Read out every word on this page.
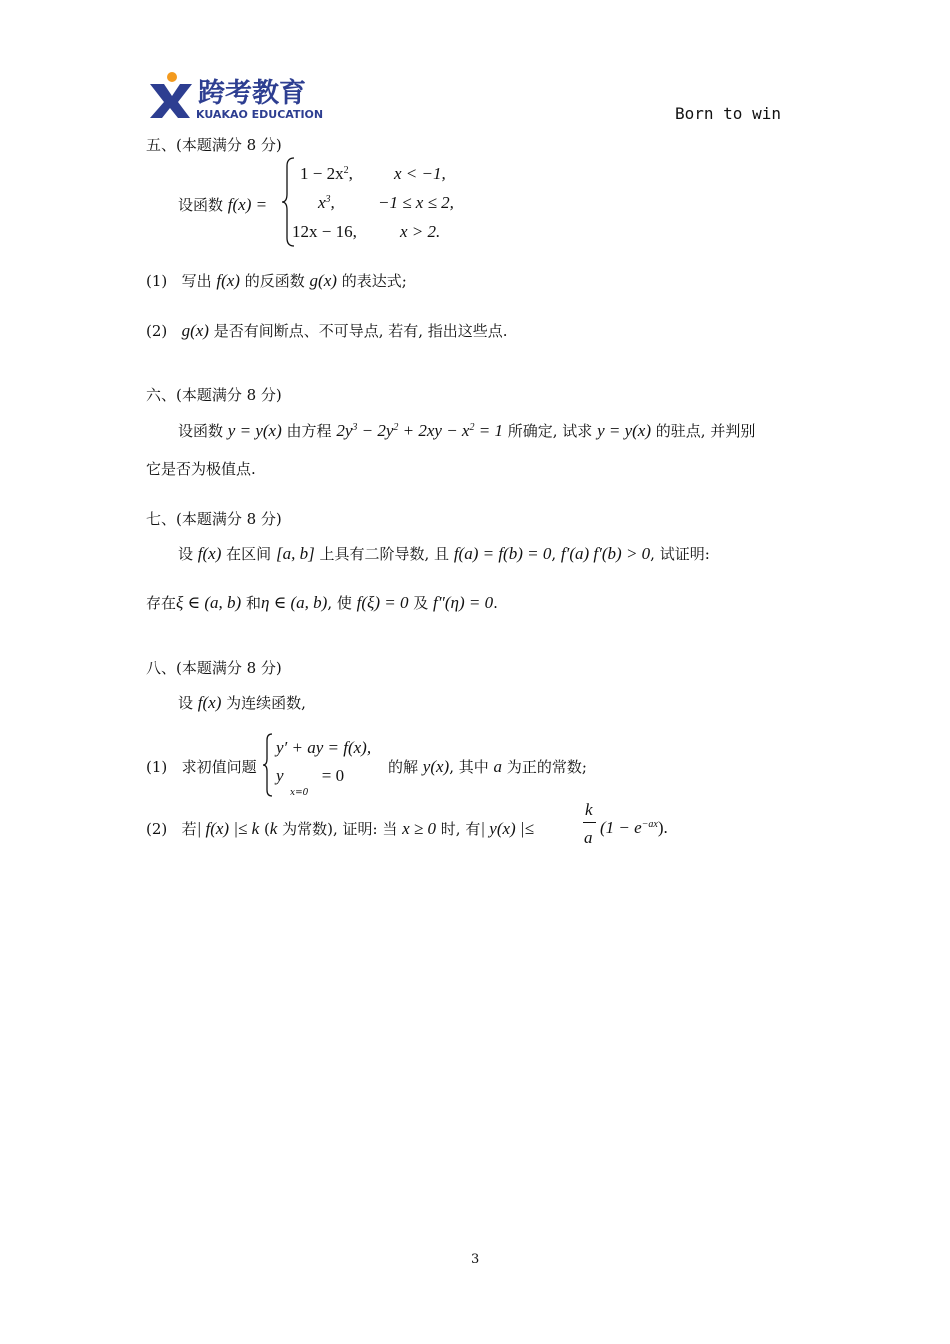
跨考教育
KUAKAO EDUCATION	Born to win
五、(本题满分 8 分)
设函数 f(x) =
$1 - 2x^2$, x < −1,
$x^3$,	−1 ≤ x ≤ 2,
12x − 16,	x > 2.
(1) 写出 f(x) 的反函数 g(x) 的表达式;
(2) g(x) 是否有间断点、不可导点, 若有, 指出这些点.
六、(本题满分 8 分)
设函数 y = y(x) 由方程 $2y^3 - 2y^2 + 2xy - x^2 = 1$ 所确定, 试求 y = y(x) 的驻点, 并判别
它是否为极值点.
七、(本题满分 8 分)
设 f(x) 在区间 [a, b] 上具有二阶导数, 且 f(a) = f(b) = 0, f′(a) f′(b) > 0, 试证明:
存在ξ ∈ (a, b) 和η ∈ (a, b), 使 f(ξ) = 0 及 f″(η) = 0.
八、(本题满分 8 分)
设 f(x) 为连续函数,
(1) 求初值问题
y′ + ay = f(x),
y = 0
x=0
的解 y(x), 其中 a 为正的常数;
(2) 若| f(x) |≤ k (k 为常数), 证明: 当 x ≥ 0 时, 有| y(x) |≤
k
a
$(1 - e^{-ax})$.
3
